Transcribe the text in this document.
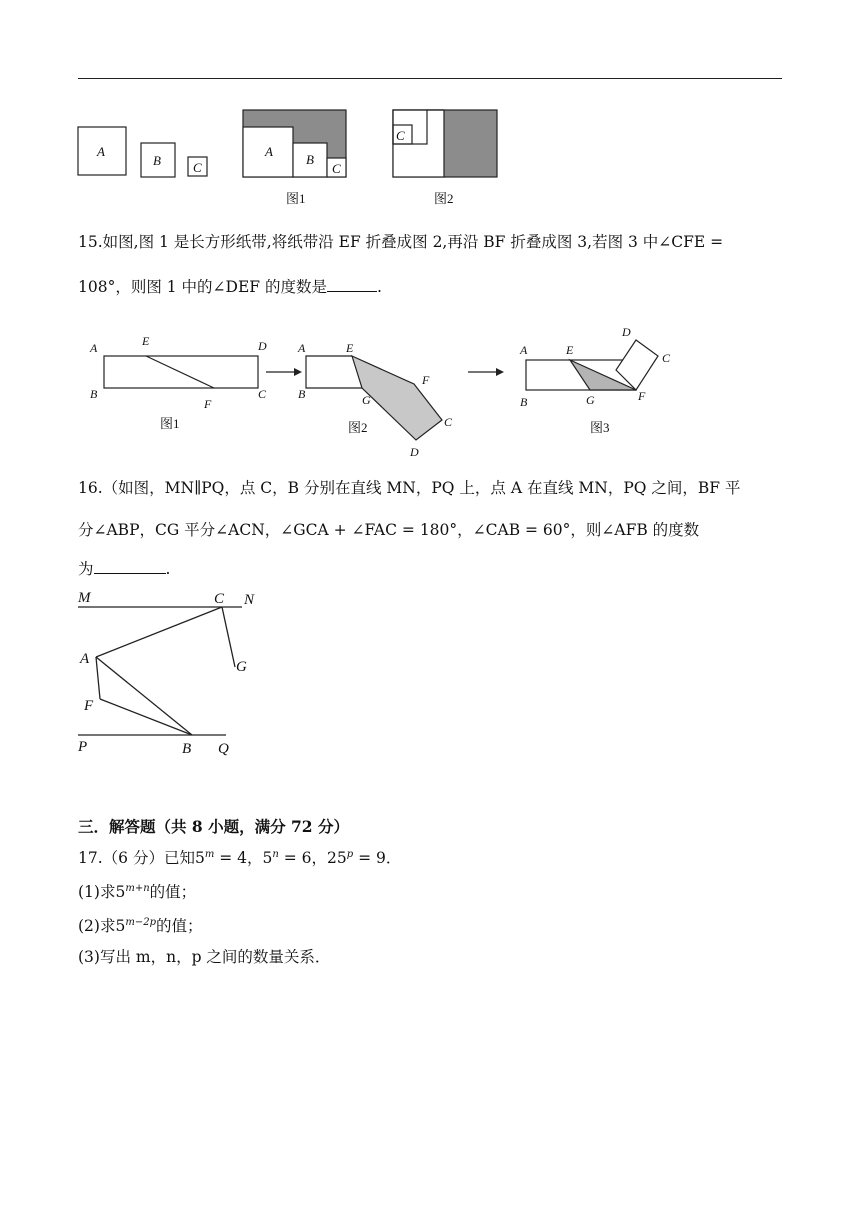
A
B C
A
B
C
图1
C
图2
15.如图,图 1 是长方形纸带,将纸带沿 EF 折叠成图 2,再沿 BF 折叠成图 3,若图 3 中∠CFE =
108°，则图 1 中的∠DEF 的度数是	.
A	E	D
B
F
C
图1
A	E
F
B	G
C
D
图2
D
C
A	E
B	G	F
图3
16.（如图，MN∥PQ，点 C，B 分别在直线 MN，PQ 上，点 A 在直线 MN，PQ 之间，BF 平
分∠ABP，CG 平分∠ACN，∠GCA + ∠FAC = 180°，∠CAB = 60°，则∠AFB 的度数
为	.
M	C N
A	G
F
P	B Q
三．解答题（共 8 小题，满分 72 分）
17.（6 分）已知$5^m = 4$，$5^n = 6$，$25^p = 9$．
(1)求$5^{m+n}$的值；
(2)求$5^{m-2p}$的值；
(3)写出 m，n，p 之间的数量关系．
